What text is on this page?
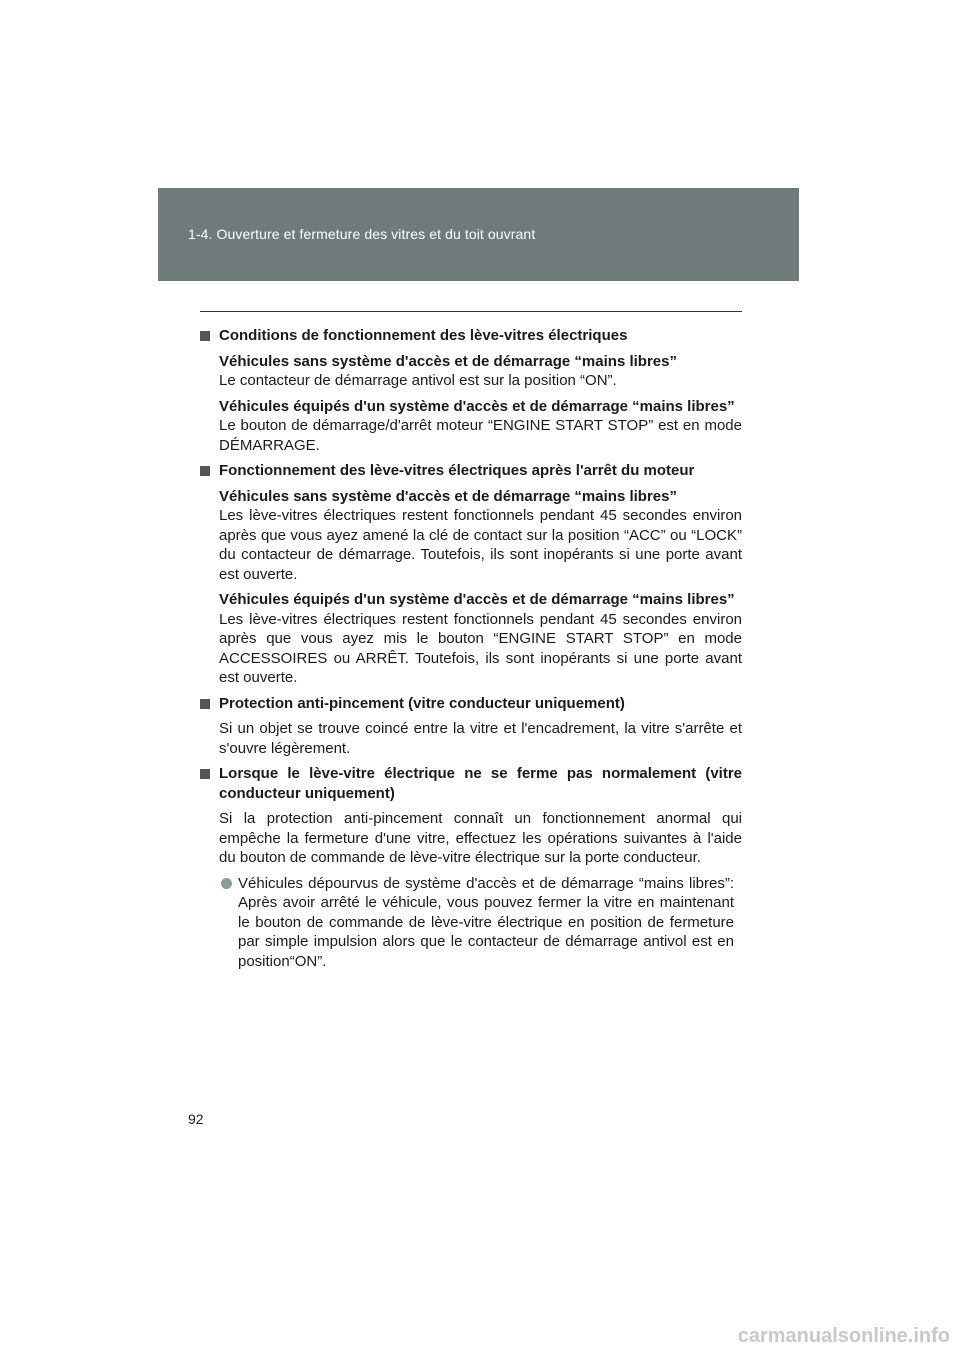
1-4. Ouverture et fermeture des vitres et du toit ouvrant
Conditions de fonctionnement des lève-vitres électriques
Véhicules sans système d'accès et de démarrage “mains libres”
Le contacteur de démarrage antivol est sur la position “ON”.
Véhicules équipés d'un système d'accès et de démarrage “mains libres”
Le bouton de démarrage/d'arrêt moteur “ENGINE START STOP” est en mode DÉMARRAGE.
Fonctionnement des lève-vitres électriques après l'arrêt du moteur
Véhicules sans système d'accès et de démarrage “mains libres”
Les lève-vitres électriques restent fonctionnels pendant 45 secondes environ après que vous ayez amené la clé de contact sur la position “ACC” ou “LOCK” du contacteur de démarrage. Toutefois, ils sont inopérants si une porte avant est ouverte.
Véhicules équipés d'un système d'accès et de démarrage “mains libres”
Les lève-vitres électriques restent fonctionnels pendant 45 secondes environ après que vous ayez mis le bouton “ENGINE START STOP” en mode ACCESSOIRES ou ARRÊT. Toutefois, ils sont inopérants si une porte avant est ouverte.
Protection anti-pincement (vitre conducteur uniquement)
Si un objet se trouve coincé entre la vitre et l'encadrement, la vitre s'arrête et s'ouvre légèrement.
Lorsque le lève-vitre électrique ne se ferme pas normalement (vitre conducteur uniquement)
Si la protection anti-pincement connaît un fonctionnement anormal qui empêche la fermeture d'une vitre, effectuez les opérations suivantes à l'aide du bouton de commande de lève-vitre électrique sur la porte conducteur.
Véhicules dépourvus de système d'accès et de démarrage “mains libres”: Après avoir arrêté le véhicule, vous pouvez fermer la vitre en maintenant le bouton de commande de lève-vitre électrique en position de fermeture par simple impulsion alors que le contacteur de démarrage antivol est en position“ON”.
92
carmanualsonline.info
